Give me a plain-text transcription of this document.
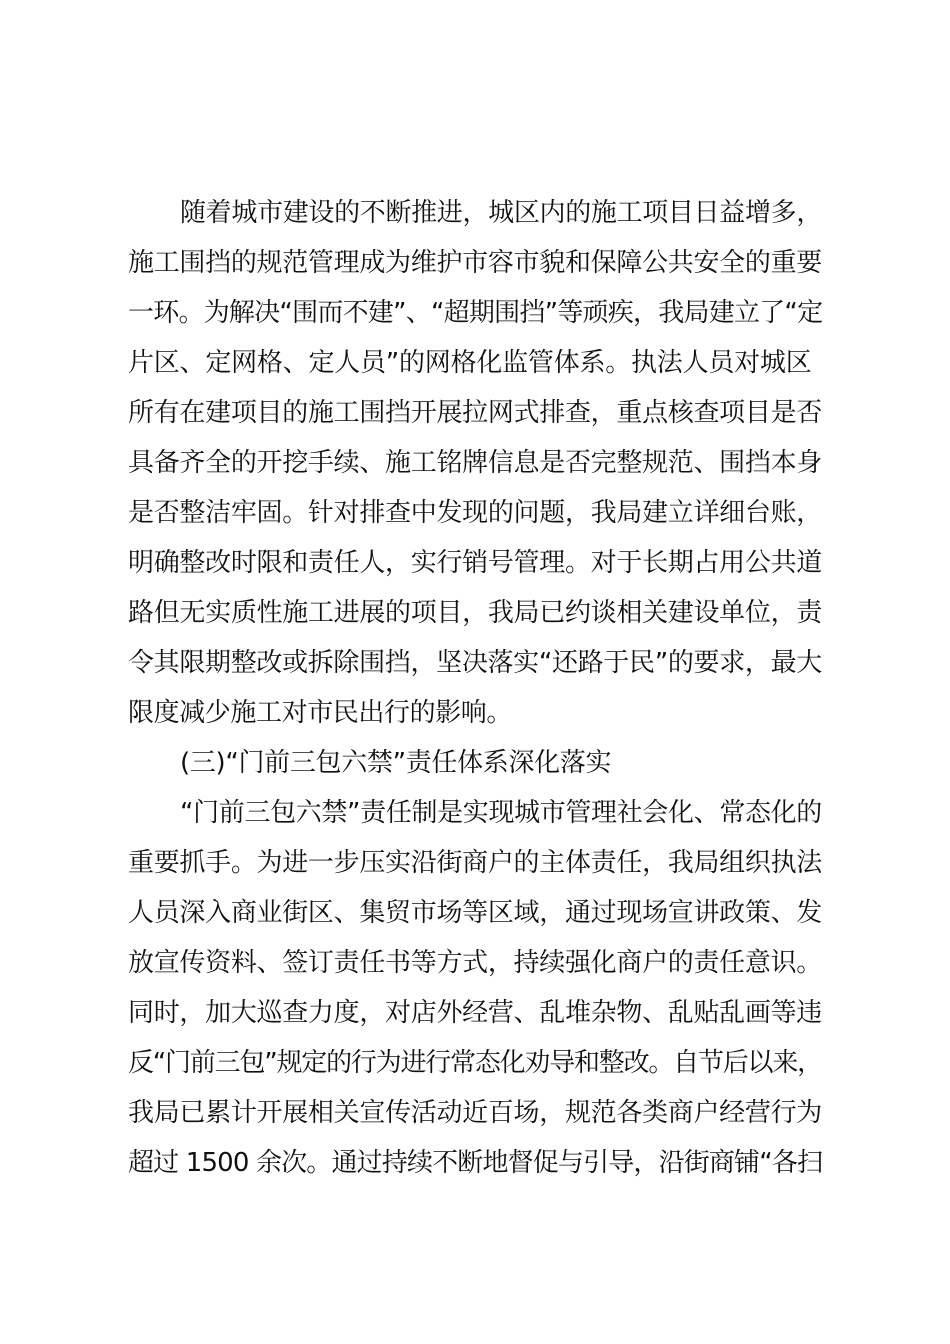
随着城市建设的不断推进，城区内的施工项目日益增多，
施工围挡的规范管理成为维护市容市貌和保障公共安全的重要
一环。为解决“围而不建”、“超期围挡”等顽疾，我局建立了“定
片区、定网格、定人员”的网格化监管体系。执法人员对城区
所有在建项目的施工围挡开展拉网式排查，重点核查项目是否
具备齐全的开挖手续、施工铭牌信息是否完整规范、围挡本身
是否整洁牢固。针对排查中发现的问题，我局建立详细台账，
明确整改时限和责任人，实行销号管理。对于长期占用公共道
路但无实质性施工进展的项目，我局已约谈相关建设单位，责
令其限期整改或拆除围挡，坚决落实“还路于民”的要求，最大
限度减少施工对市民出行的影响。
(三)“门前三包六禁”责任体系深化落实
“门前三包六禁”责任制是实现城市管理社会化、常态化的
重要抓手。为进一步压实沿街商户的主体责任，我局组织执法
人员深入商业街区、集贸市场等区域，通过现场宣讲政策、发
放宣传资料、签订责任书等方式，持续强化商户的责任意识。
同时，加大巡查力度，对店外经营、乱堆杂物、乱贴乱画等违
反“门前三包”规定的行为进行常态化劝导和整改。自节后以来，
我局已累计开展相关宣传活动近百场，规范各类商户经营行为
超过 1500 余次。通过持续不断地督促与引导，沿街商铺“各扫
